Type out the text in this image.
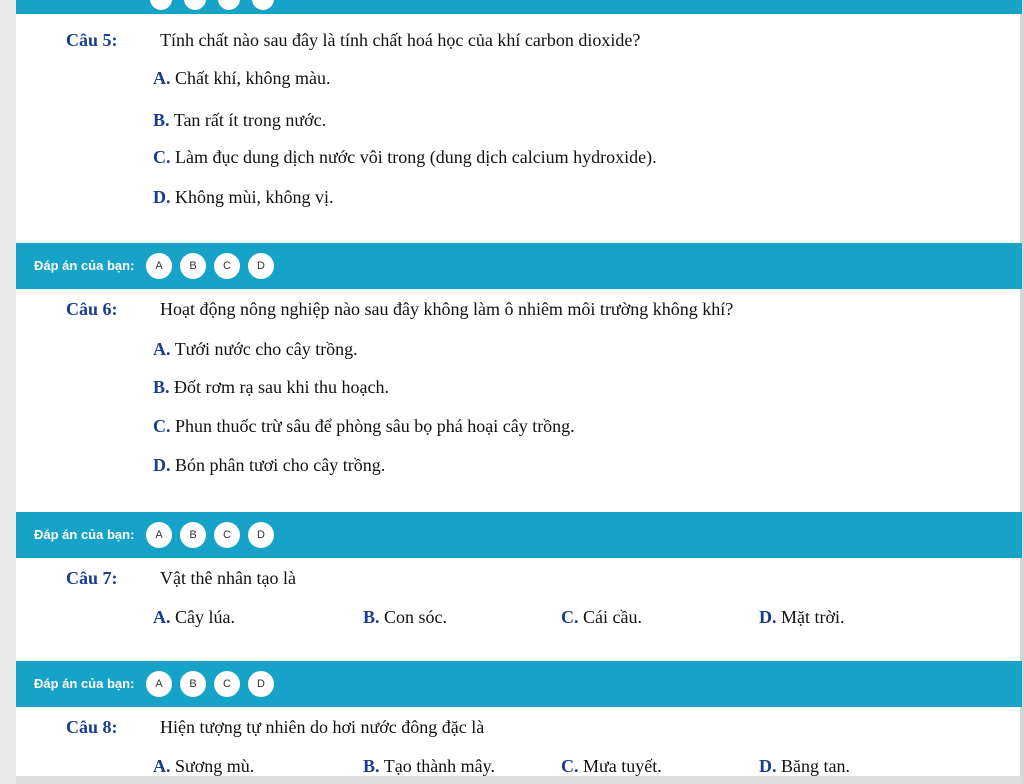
Câu 5: Tính chất nào sau đây là tính chất hoá học của khí carbon dioxide?
A. Chất khí, không màu.
B. Tan rất ít trong nước.
C. Làm đục dung dịch nước vôi trong (dung dịch calcium hydroxide).
D. Không mùi, không vị.
Đáp án của bạn:	A	B	C	D
Câu 6: Hoạt động nông nghiệp nào sau đây không làm ô nhiêm môi trường không khí?
A. Tưới nước cho cây trồng.
B. Đốt rơm rạ sau khi thu hoạch.
C. Phun thuốc trừ sâu để phòng sâu bọ phá hoại cây trồng.
D. Bón phân tươi cho cây trồng.
Đáp án của bạn:	A	B	C	D
Câu 7: Vật thê nhân tạo là
A. Cây lúa.	B. Con sóc.	C. Cái cầu.	D. Mặt trời.
Đáp án của bạn:	A	B	C	D
Câu 8: Hiện tượng tự nhiên do hơi nước đông đặc là
A. Sương mù.	B. Tạo thành mây.	C. Mưa tuyết.	D. Băng tan.
